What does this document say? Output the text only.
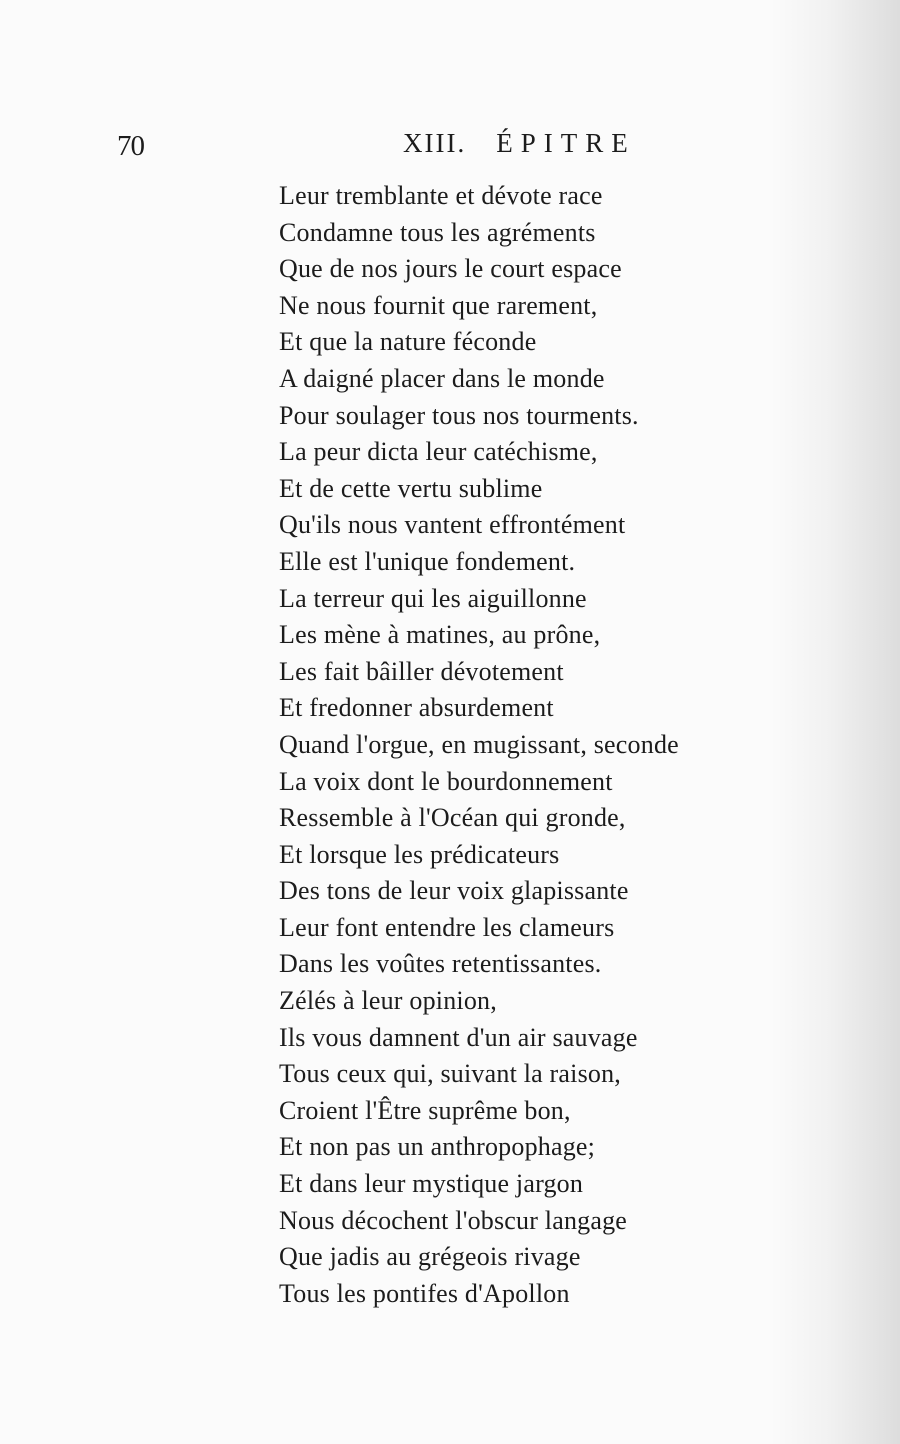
70	XIII. ÉPITRE
Leur tremblante et dévote race
Condamne tous les agréments
Que de nos jours le court espace
Ne nous fournit que rarement,
Et que la nature féconde
A daigné placer dans le monde
Pour soulager tous nos tourments.
La peur dicta leur catéchisme,
Et de cette vertu sublime
Qu'ils nous vantent effrontément
Elle est l'unique fondement.
La terreur qui les aiguillonne
Les mène à matines, au prône,
Les fait bâiller dévotement
Et fredonner absurdement
Quand l'orgue, en mugissant, seconde
La voix dont le bourdonnement
Ressemble à l'Océan qui gronde,
Et lorsque les prédicateurs
Des tons de leur voix glapissante
Leur font entendre les clameurs
Dans les voûtes retentissantes.
Zélés à leur opinion,
Ils vous damnent d'un air sauvage
Tous ceux qui, suivant la raison,
Croient l'Être suprême bon,
Et non pas un anthropophage;
Et dans leur mystique jargon
Nous décochent l'obscur langage
Que jadis au grégeois rivage
Tous les pontifes d'Apollon
